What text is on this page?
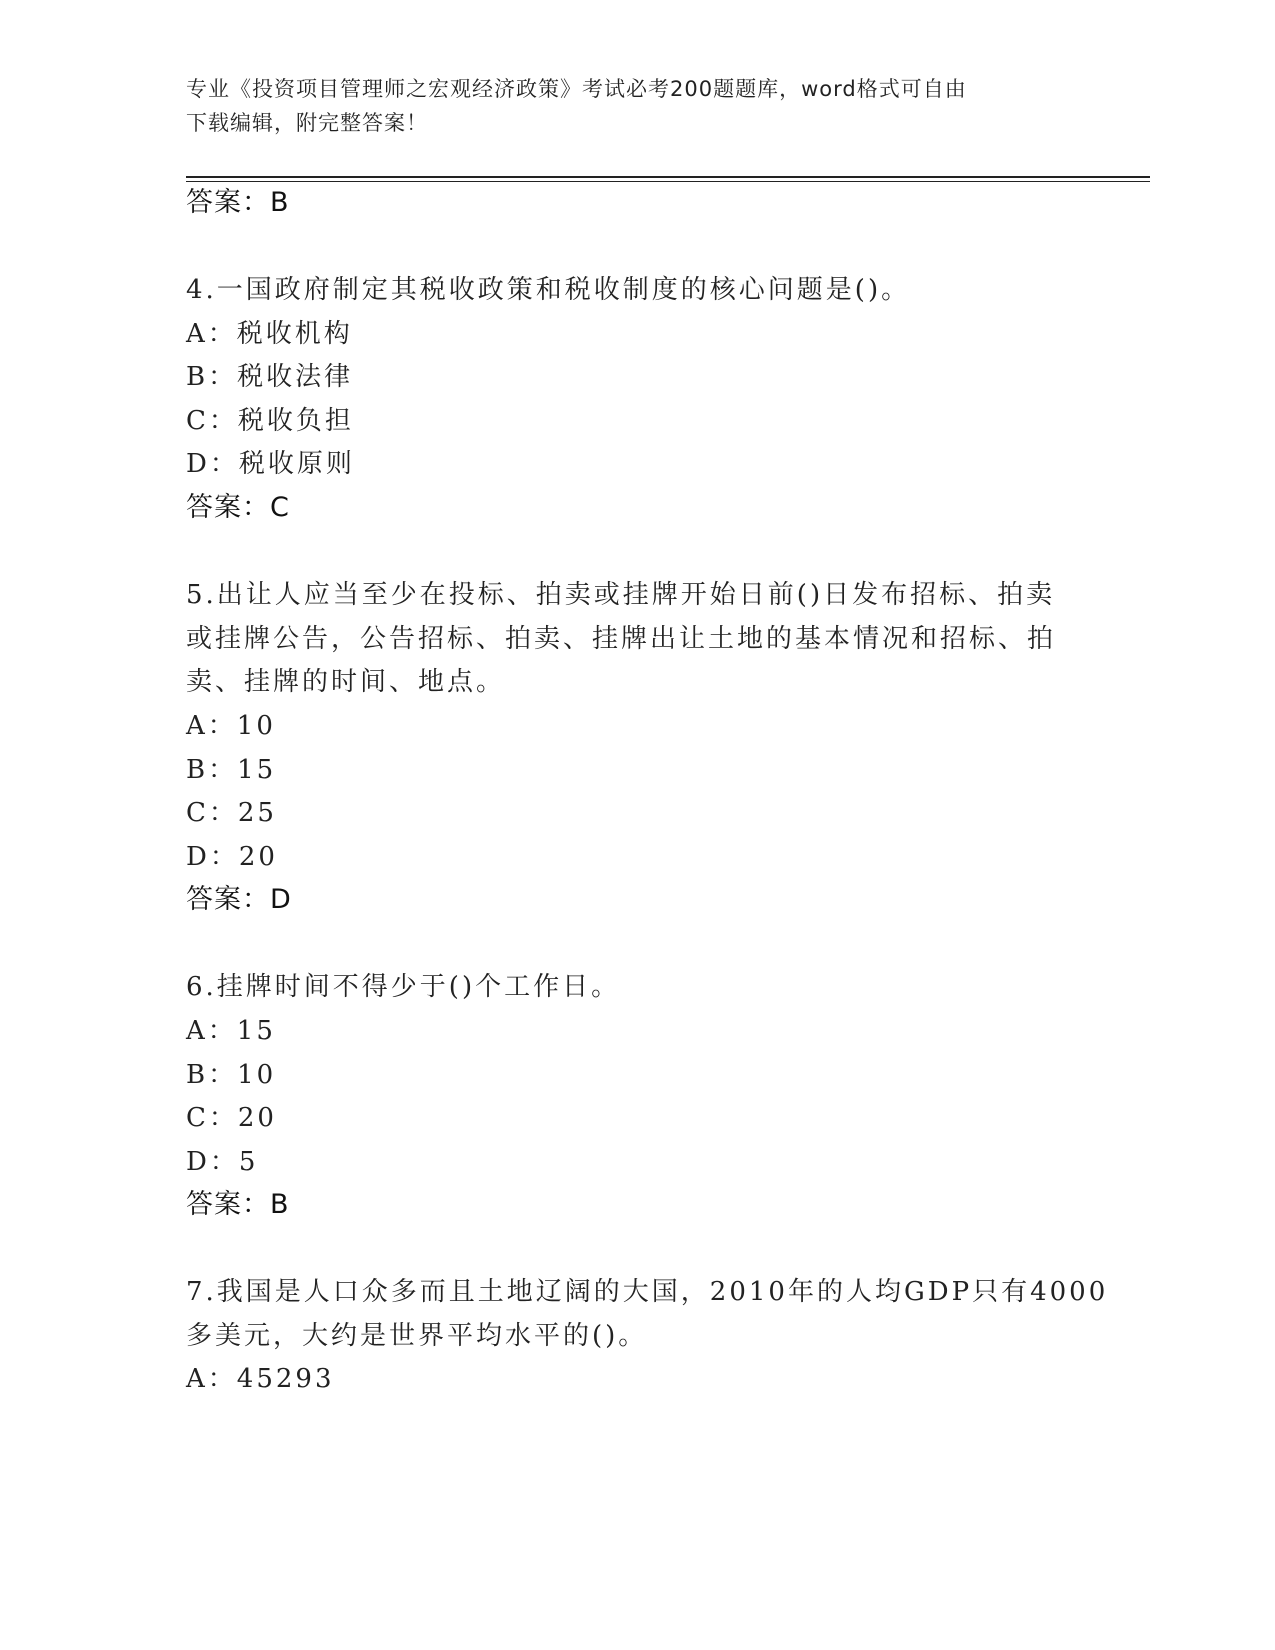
专业《投资项目管理师之宏观经济政策》考试必考200题题库，word格式可自由
下载编辑，附完整答案！
答案：B
4.一国政府制定其税收政策和税收制度的核心问题是()。
A：税收机构
B：税收法律
C：税收负担
D：税收原则
答案：C
5.出让人应当至少在投标、拍卖或挂牌开始日前()日发布招标、拍卖
或挂牌公告，公告招标、拍卖、挂牌出让土地的基本情况和招标、拍
卖、挂牌的时间、地点。
A：10
B：15
C：25
D：20
答案：D
6.挂牌时间不得少于()个工作日。
A：15
B：10
C：20
D：5
答案：B
7.我国是人口众多而且土地辽阔的大国，2010年的人均GDP只有4000
多美元，大约是世界平均水平的()。
A：45293
